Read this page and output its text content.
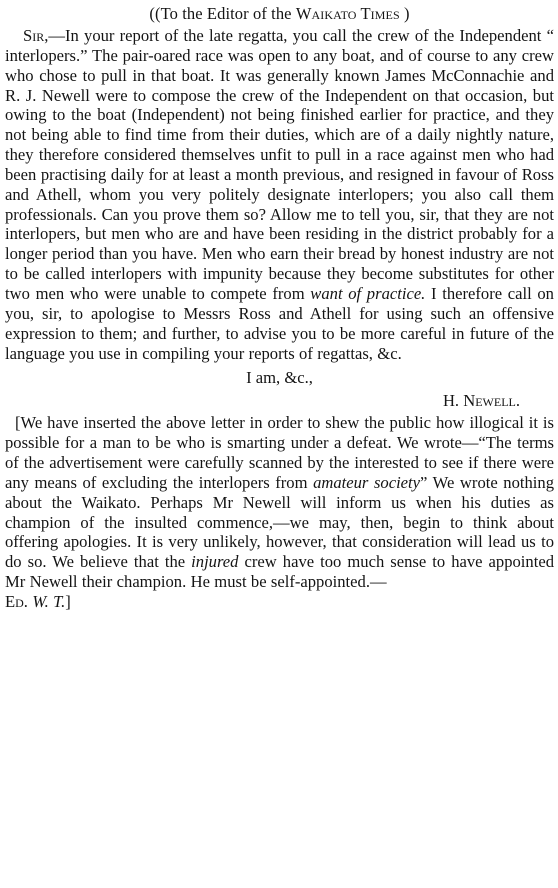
((To the Editor of the Waikato Times )

Sir,—In your report of the late regatta, you call the crew of the Independent “ interlopers.” The pair-oared race was open to any boat, and of course to any crew who chose to pull in that boat. It was generally known James McConnachie and R. J. Newell were to compose the crew of the Independent on that occasion, but owing to the boat (Independent) not being finished earlier for practice, and they not being able to find time from their duties, which are of a daily nightly nature, they therefore considered themselves unfit to pull in a race against men who had been practising daily for at least a month previous, and resigned in favour of Ross and Athell, whom you very politely designate interlopers; you also call them professionals. Can you prove them so? Allow me to tell you, sir, that they are not interlopers, but men who are and have been residing in the district probably for a longer period than you have. Men who earn their bread by honest industry are not to be called interlopers with impunity because they become substitutes for other two men who were unable to compete from want of practice. I therefore call on you, sir, to apologise to Messrs Ross and Athell for using such an offensive expression to them; and further, to advise you to be more careful in future of the language you use in compiling your reports of regattas, &c.

I am, &c.,

H. Newell.

[We have inserted the above letter in order to shew the public how illogical it is possible for a man to be who is smarting under a defeat. We wrote—“The terms of the advertisement were carefully scanned by the interested to see if there were any means of excluding the interlopers from amateur society” We wrote nothing about the Waikato. Perhaps Mr Newell will inform us when his duties as champion of the insulted commence,—we may, then, begin to think about offering apologies. It is very unlikely, however, that consideration will lead us to do so. We believe that the injured crew have too much sense to have appointed Mr Newell their champion. He must be self-appointed.—
Ed. W. T.]
